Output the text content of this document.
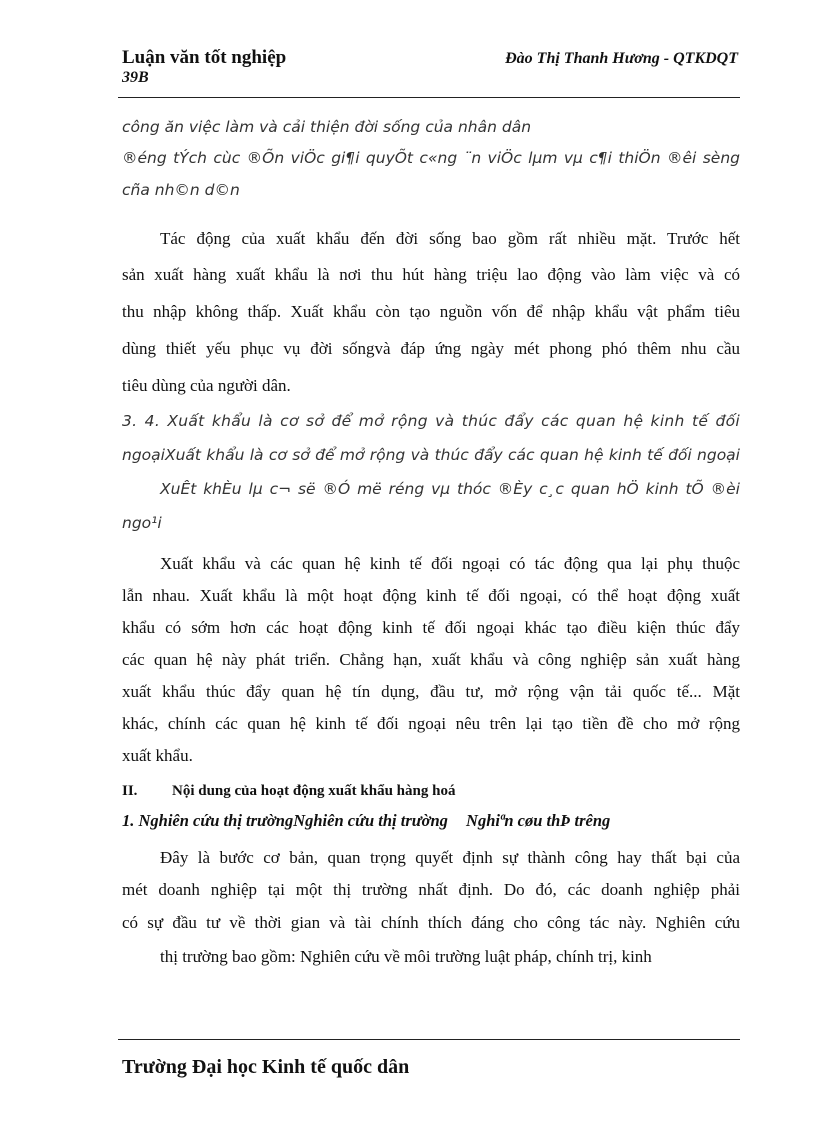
Luận văn tốt nghiệp
39B
Đào Thị Thanh Hương - QTKDQT
công ăn việc làm và cải thiện đời sống của nhân dân
®éng tÝch cùc ®Õn viÖc gi¶i quyÕt c«ng ¨n viÖc lµm vµ c¶i thiÖn ®êi sèng
cña nh©n d©n
Tác động của xuất khẩu đến đời sống bao gồm rất nhiều mặt. Trước hết
sản xuất hàng xuất khẩu là nơi thu hút hàng triệu lao động vào làm việc và có
thu nhập không thấp. Xuất khẩu còn tạo nguồn vốn để nhập khẩu vật phẩm tiêu
dùng thiết yếu phục vụ đời sốngvà đáp ứng ngày mét phong phó thêm nhu cầu
tiêu dùng của người dân.
3. 4. Xuất khẩu là cơ sở để mở rộng và thúc đẩy các quan hệ kinh tế đối
ngoạiXuất khẩu là cơ sở để mở rộng và thúc đẩy các quan hệ kinh tế đối ngoại
XuÊt khÈu lµ c¬ së ®Ó më réng vµ thóc ®Èy c¸c quan hÖ kinh tÕ ®èi
ngo¹i
Xuất khẩu và các quan hệ kinh tế đối ngoại có tác động qua lại phụ thuộc
lẫn nhau. Xuất khẩu là một hoạt động kinh tế đối ngoại, có thể hoạt động xuất
khẩu có sớm hơn các hoạt động kinh tế đối ngoại khác tạo điều kiện thúc đẩy
các quan hệ này phát triển. Chẳng hạn, xuất khẩu và công nghiệp sản xuất hàng
xuất khẩu thúc đẩy quan hệ tín dụng, đầu tư, mở rộng vận tải quốc tế... Mặt
khác, chính các quan hệ kinh tế đối ngoại nêu trên lại tạo tiền đề cho mở rộng
xuất khẩu.
II. Nội dung của hoạt động xuất khẩu hàng hoá
1. Nghiên cứu thị trườngNghiên cứu thị trường Nghiªn cøu thÞ trêng
Đây là bước cơ bản, quan trọng quyết định sự thành công hay thất bại của
mét doanh nghiệp tại một thị trường nhất định. Do đó, các doanh nghiệp phải
có sự đầu tư về thời gian và tài chính thích đáng cho công tác này. Nghiên cứu
thị trường bao gồm: Nghiên cứu về môi trường luật pháp, chính trị, kinh
Trường Đại học Kinh tế quốc dân
